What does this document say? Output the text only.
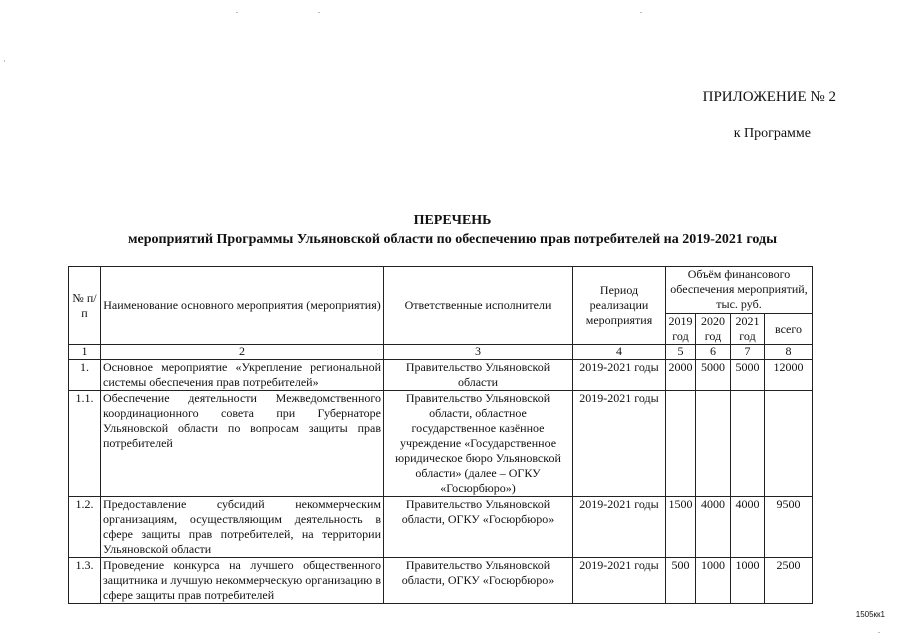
ПРИЛОЖЕНИЕ № 2
к Программе
ПЕРЕЧЕНЬ
мероприятий Программы Ульяновской области по обеспечению прав потребителей на 2019-2021 годы
№ п/п	Наименование основного мероприятия (мероприятия)	Ответственные исполнители	Период реализации мероприятия	Объём финансового обеспечения мероприятий, тыс. руб.			
				2019 год	2020 год	2021 год	всего
1	2	3	4	5	6	7	8
1.	Основное мероприятие «Укрепление региональной системы обеспечения прав потребителей»	Правительство Ульяновской области	2019-2021 годы	2000	5000	5000	12000
1.1.	Обеспечение деятельности Межведомственного координационного совета при Губернаторе Ульяновской области по вопросам защиты прав потребителей	Правительство Ульяновской области, областное государственное казённое учреждение «Государственное юридическое бюро Ульяновской области» (далее – ОГКУ «Госюрбюро»)	2019-2021 годы				
1.2.	Предоставление субсидий некоммерческим организациям, осуществляющим деятельность в сфере защиты прав потребителей, на территории Ульяновской области	Правительство Ульяновской области, ОГКУ «Госюрбюро»	2019-2021 годы	1500	4000	4000	9500
1.3.	Проведение конкурса на лучшего общественного защитника и лучшую некоммерческую организацию в сфере защиты прав потребителей	Правительство Ульяновской области, ОГКУ «Госюрбюро»	2019-2021 годы	500	1000	1000	2500
1505кк1
